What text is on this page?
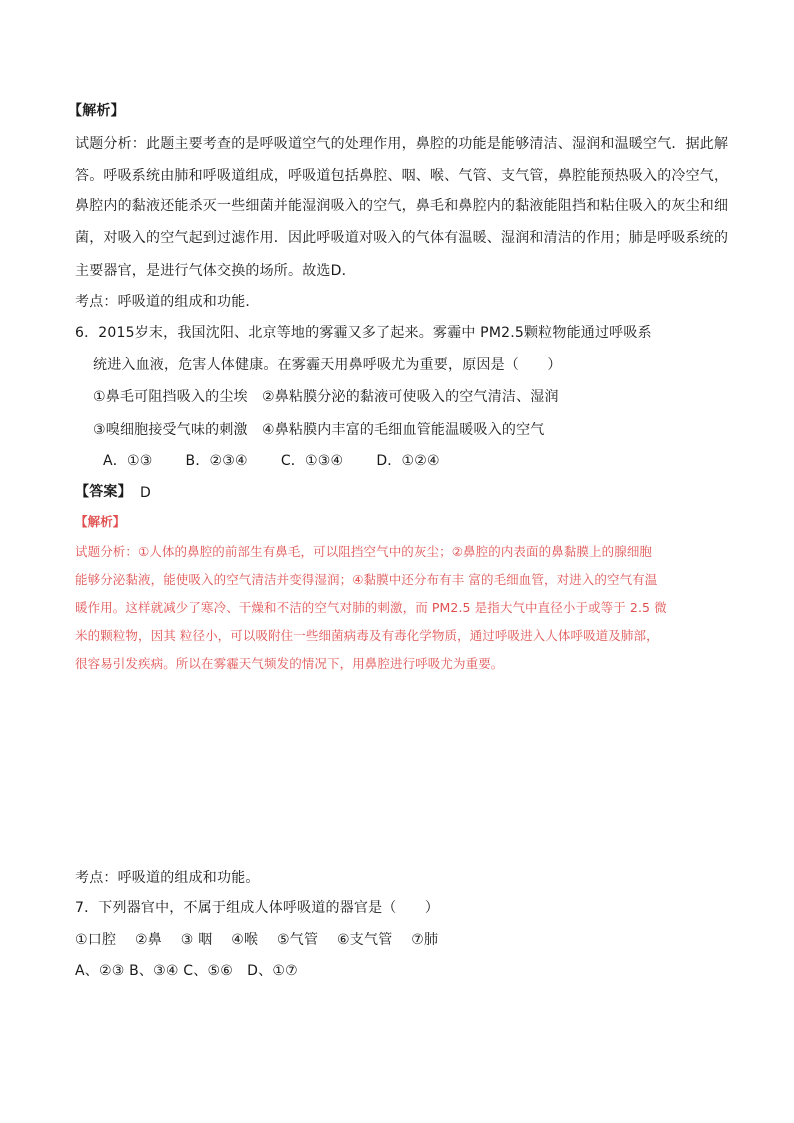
【解析】
试题分析：此题主要考查的是呼吸道空气的处理作用，鼻腔的功能是能够清洁、湿润和温暖空气．据此解
答。呼吸系统由肺和呼吸道组成，呼吸道包括鼻腔、咽、喉、气管、支气管，鼻腔能预热吸入的冷空气，
鼻腔内的黏液还能杀灭一些细菌并能湿润吸入的空气，鼻毛和鼻腔内的黏液能阻挡和粘住吸入的灰尘和细
菌，对吸入的空气起到过滤作用．因此呼吸道对吸入的气体有温暖、湿润和清洁的作用；肺是呼吸系统的
主要器官，是进行气体交换的场所。故选D．
考点：呼吸道的组成和功能．
6．2015岁末，我国沈阳、北京等地的雾霾又多了起来。雾霾中 PM2.5颗粒物能通过呼吸系
统进入血液，危害人体健康。在雾霾天用鼻呼吸尤为重要，原因是（　　）
①鼻毛可阻挡吸入的尘埃　②鼻粘膜分泌的黏液可使吸入的空气清洁、湿润
③嗅细胞接受气味的刺激　④鼻粘膜内丰富的毛细血管能温暖吸入的空气
A．①③　　 B．②③④　　 C．①③④　　 D．①②④
【答案】 D
【解析】
试题分析：①人体的鼻腔的前部生有鼻毛，可以阻挡空气中的灰尘；②鼻腔的内表面的鼻黏膜上的腺细胞
能够分泌黏液，能使吸入的空气清洁并变得湿润；④黏膜中还分布有丰 富的毛细血管，对进入的空气有温
暖作用。这样就减少了寒冷、干燥和不洁的空气对肺的刺激，而 PM2.5 是指大气中直径小于或等于 2.5 微
米的颗粒物，因其 粒径小，可以吸附住一些细菌病毒及有毒化学物质，通过呼吸进入人体呼吸道及肺部，
很容易引发疾病。所以在雾霾天气频发的情况下，用鼻腔进行呼吸尤为重要。
考点：呼吸道的组成和功能。
7．下列器官中，不属于组成人体呼吸道的器官是（　　）
①口腔　 ②鼻　 ③ 咽　 ④喉　 ⑤气管　 ⑥支气管　 ⑦肺
A、②③ B、③④ C、⑤⑥　D、①⑦
